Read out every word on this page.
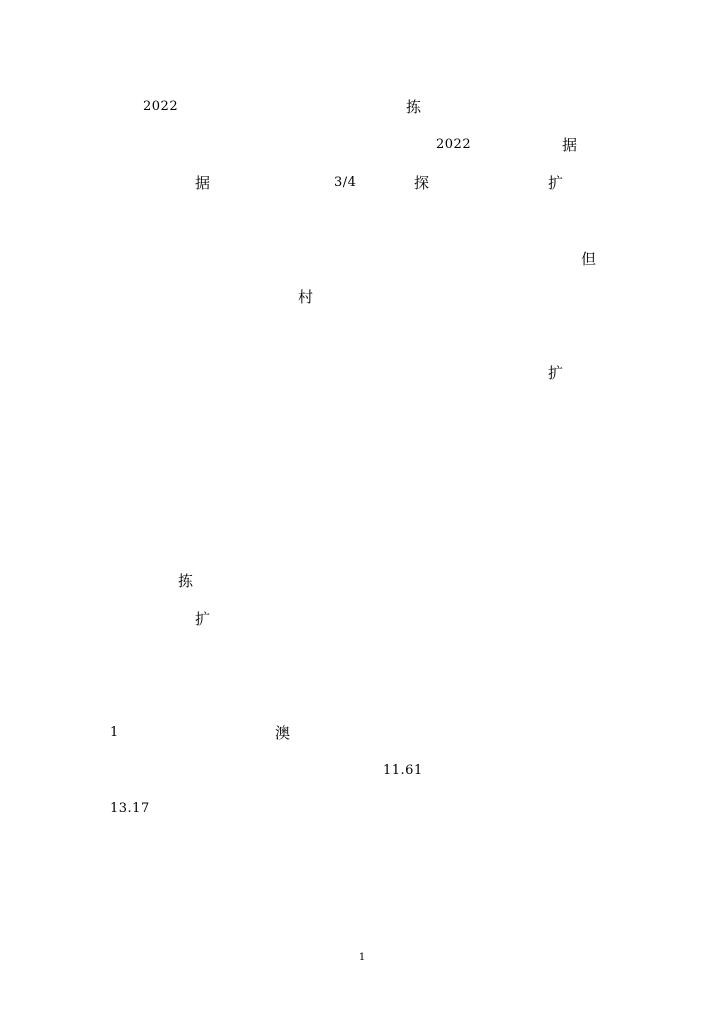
2022	拣
2022	据
据	3/4	探	扩
但
村
扩
拣
扩
1	澳
11.61
13.17
1
